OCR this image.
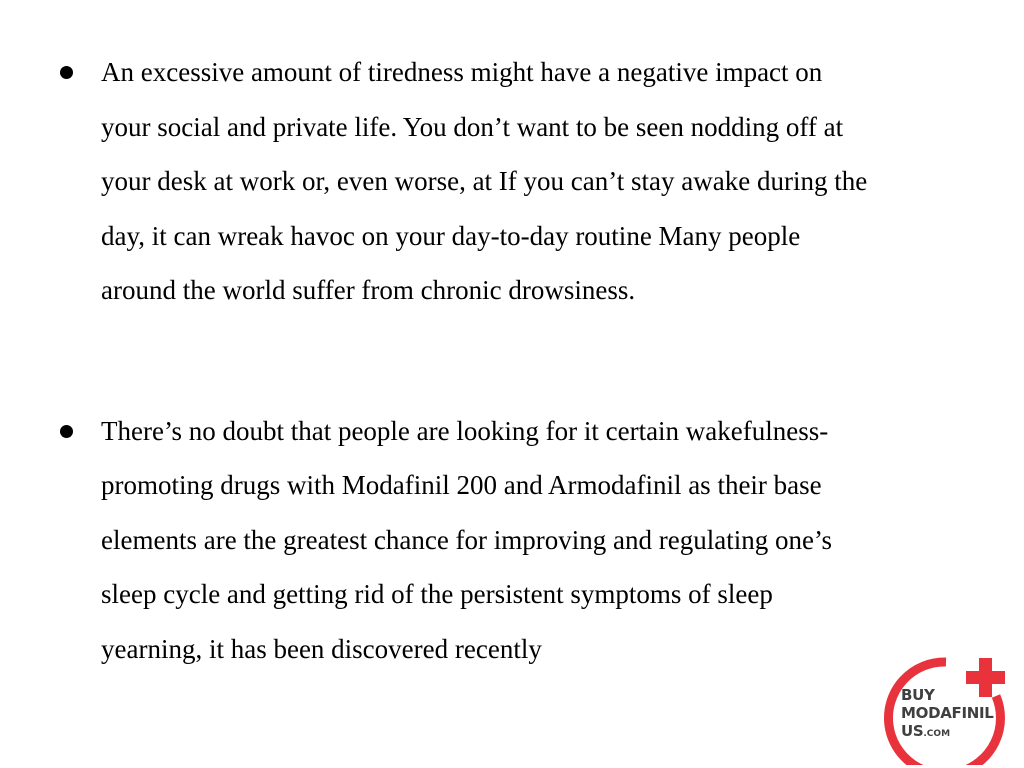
An excessive amount of tiredness might have a negative impact on
your social and private life. You don’t want to be seen nodding off at
your desk at work or, even worse, at If you can’t stay awake during the
day, it can wreak havoc on your day‑to‑day routine Many people
around the world suffer from chronic drowsiness.
There’s no doubt that people are looking for it certain wakefulness‑
promoting drugs with Modafinil 200 and Armodafinil as their base
elements are the greatest chance for improving and regulating one’s
sleep cycle and getting rid of the persistent symptoms of sleep
yearning, it has been discovered recently
BUY
MODAFINIL
US.COM
